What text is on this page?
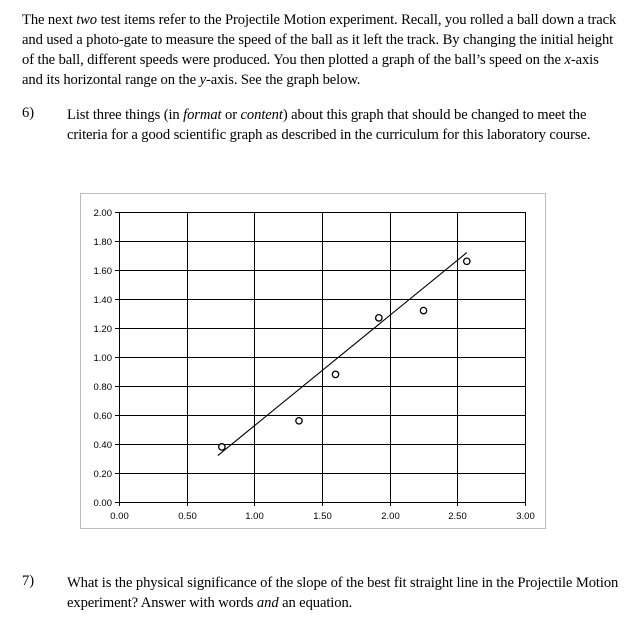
The next two test items refer to the Projectile Motion experiment. Recall, you rolled a ball down a track and used a photo-gate to measure the speed of the ball as it left the track. By changing the initial height of the ball, different speeds were produced. You then plotted a graph of the ball’s speed on the x-axis and its horizontal range on the y-axis. See the graph below.
6) List three things (in format or content) about this graph that should be changed to meet the criteria for a good scientific graph as described in the curriculum for this laboratory course.
0.00
0.20
0.40
0.60
0.80
1.00
1.20
1.40
1.60
1.80
2.00
0.00	0.50	1.00	1.50	2.00	2.50	3.00
7) What is the physical significance of the slope of the best fit straight line in the Projectile Motion experiment? Answer with words and an equation.
